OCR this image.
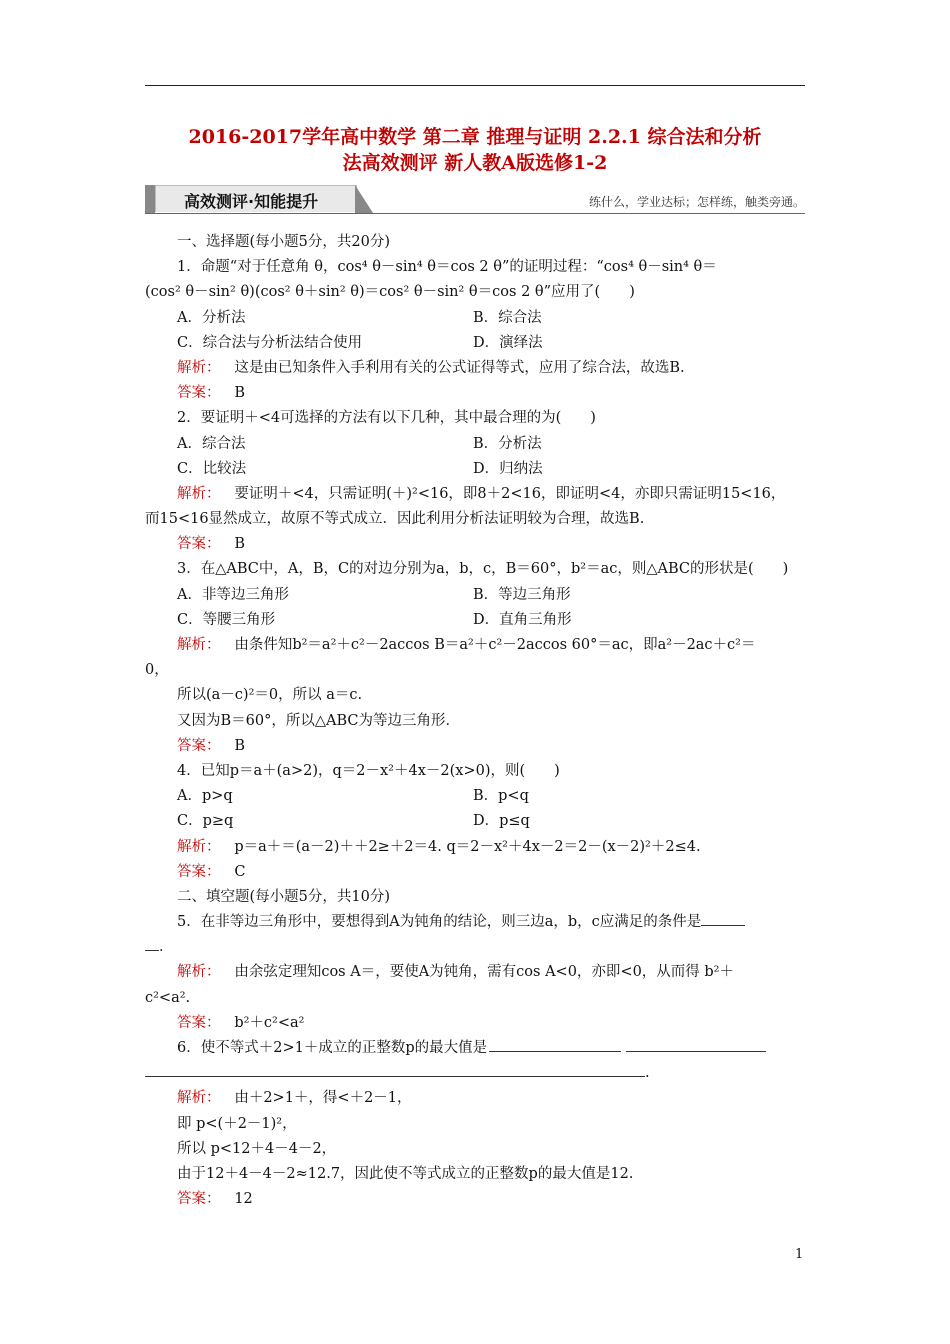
2016-2017学年高中数学 第二章 推理与证明 2.2.1 综合法和分析
法高效测评 新人教A版选修1-2
高效测评·知能提升	练什么，学业达标；怎样练，触类旁通。
一、选择题(每小题5分，共20分)
1．命题“对于任意角 θ，cos⁴ θ－sin⁴ θ＝cos 2 θ”的证明过程：“cos⁴ θ－sin⁴ θ＝
(cos² θ－sin² θ)(cos² θ＋sin² θ)＝cos² θ－sin² θ＝cos 2 θ”应用了(　　)
A．分析法	B．综合法
C．综合法与分析法结合使用	D．演绎法
解析： 这是由已知条件入手利用有关的公式证得等式，应用了综合法，故选B.
答案： B
2．要证明＋<4可选择的方法有以下几种，其中最合理的为(　　)
A．综合法	B．分析法
C．比较法	D．归纳法
解析： 要证明＋<4，只需证明(＋)²<16，即8＋2<16，即证明<4，亦即只需证明15<16，
而15<16显然成立，故原不等式成立．因此利用分析法证明较为合理，故选B.
答案： B
3．在△ABC中，A，B，C的对边分别为a，b，c，B＝60°，b²＝ac，则△ABC的形状是(　　)
A．非等边三角形	B．等边三角形
C．等腰三角形	D．直角三角形
解析： 由条件知b²＝a²＋c²－2accos B＝a²＋c²－2accos 60°＝ac，即a²－2ac＋c²＝
0，
所以(a－c)²＝0，所以 a＝c.
又因为B＝60°，所以△ABC为等边三角形．
答案： B
4．已知p＝a＋(a>2)，q＝2－x²＋4x－2(x>0)，则(　　)
A．p>q	B．p<q
C．p≥q	D．p≤q
解析： p＝a＋＝(a－2)＋＋2≥＋2＝4. q＝2－x²＋4x－2＝2－(x－2)²＋2≤4.
答案： C
二、填空题(每小题5分，共10分)
5．在非等边三角形中，要想得到A为钝角的结论，则三边a，b，c应满足的条件是
．
解析： 由余弦定理知cos A＝，要使A为钝角，需有cos A<0，亦即<0，从而得 b²＋
c²<a².
答案： b²＋c²<a²
6．使不等式＋2>1＋成立的正整数p的最大值是
.
解析： 由＋2>1＋，得<＋2－1，
即 p<(＋2－1)²，
所以 p<12＋4－4－2，
由于12＋4－4－2≈12.7，因此使不等式成立的正整数p的最大值是12.
答案： 12
1
